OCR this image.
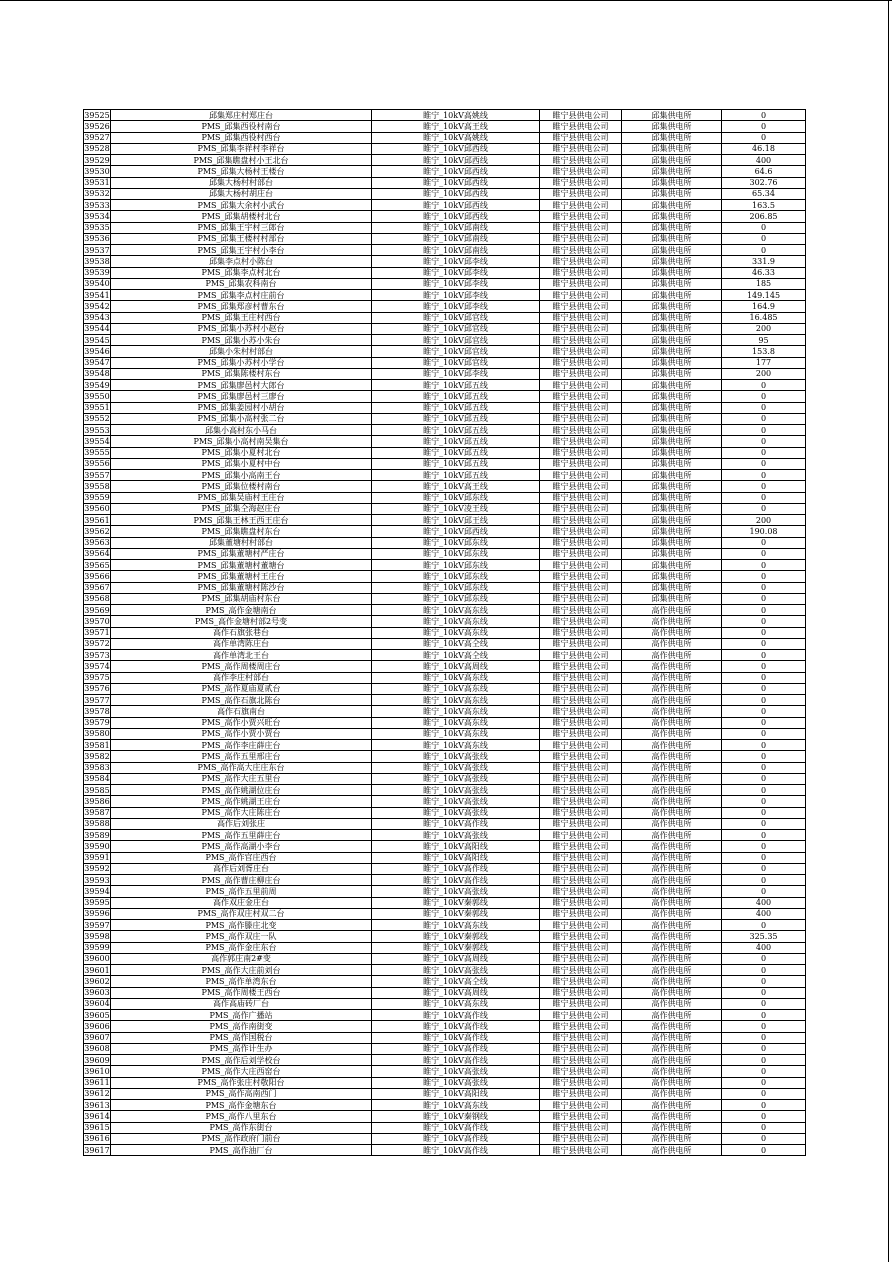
39525	邱集郑庄村郑庄台	睢宁_10kV高姚线	睢宁县供电公司	邱集供电所	0
39526	PMS_邱集西役村南台	睢宁_10kV高王线	睢宁县供电公司	邱集供电所	0
39527	PMS_邱集西役村西台	睢宁_10kV高姚线	睢宁县供电公司	邱集供电所	0
39528	PMS_邱集李祥村李祥台	睢宁_10kV邱西线	睢宁县供电公司	邱集供电所	46.18
39529	PMS_邱集瞧盘村小王北台	睢宁_10kV邱西线	睢宁县供电公司	邱集供电所	400
39530	PMS_邱集大杨村王楼台	睢宁_10kV邱西线	睢宁县供电公司	邱集供电所	64.6
39531	邱集大杨村村部台	睢宁_10kV邱西线	睢宁县供电公司	邱集供电所	302.76
39532	邱集大杨村胡庄台	睢宁_10kV邱西线	睢宁县供电公司	邱集供电所	65.34
39533	PMS_邱集大余村小武台	睢宁_10kV邱西线	睢宁县供电公司	邱集供电所	163.5
39534	PMS_邱集胡楼村北台	睢宁_10kV邱西线	睢宁县供电公司	邱集供电所	206.85
39535	PMS_邱集王宇村三郎台	睢宁_10kV邱南线	睢宁县供电公司	邱集供电所	0
39536	PMS_邱集王楼村村部台	睢宁_10kV邱南线	睢宁县供电公司	邱集供电所	0
39537	PMS_邱集王宇村小李台	睢宁_10kV邱南线	睢宁县供电公司	邱集供电所	0
39538	邱集李点村小陈台	睢宁_10kV邱李线	睢宁县供电公司	邱集供电所	331.9
39539	PMS_邱集李点村北台	睢宁_10kV邱李线	睢宁县供电公司	邱集供电所	46.33
39540	PMS_邱集农科南台	睢宁_10kV邱李线	睢宁县供电公司	邱集供电所	185
39541	PMS_邱集李点村庄前台	睢宁_10kV邱李线	睢宁县供电公司	邱集供电所	149.145
39542	PMS_邱集郑彦村曹东台	睢宁_10kV邱李线	睢宁县供电公司	邱集供电所	164.9
39543	PMS_邱集王庄村西台	睢宁_10kV邱官线	睢宁县供电公司	邱集供电所	16.485
39544	PMS_邱集小苏村小赵台	睢宁_10kV邱官线	睢宁县供电公司	邱集供电所	200
39545	PMS_邱集小苏小朱台	睢宁_10kV邱官线	睢宁县供电公司	邱集供电所	95
39546	邱集小朱村村部台	睢宁_10kV邱官线	睢宁县供电公司	邱集供电所	153.8
39547	PMS_邱集小苏村小学台	睢宁_10kV邱官线	睢宁县供电公司	邱集供电所	177
39548	PMS_邱集陈楼村东台	睢宁_10kV邱李线	睢宁县供电公司	邱集供电所	200
39549	PMS_邱集廖邑村大郎台	睢宁_10kV邱五线	睢宁县供电公司	邱集供电所	0
39550	PMS_邱集廖邑村三廖台	睢宁_10kV邱五线	睢宁县供电公司	邱集供电所	0
39551	PMS_邱集姜园村小胡台	睢宁_10kV邱五线	睢宁县供电公司	邱集供电所	0
39552	PMS_邱集小高村张二台	睢宁_10kV邱五线	睢宁县供电公司	邱集供电所	0
39553	邱集小高村东小马台	睢宁_10kV邱五线	睢宁县供电公司	邱集供电所	0
39554	PMS_邱集小高村南吴集台	睢宁_10kV邱五线	睢宁县供电公司	邱集供电所	0
39555	PMS_邱集小夏村北台	睢宁_10kV邱五线	睢宁县供电公司	邱集供电所	0
39556	PMS_邱集小夏村中台	睢宁_10kV邱五线	睢宁县供电公司	邱集供电所	0
39557	PMS_邱集小高南王台	睢宁_10kV邱五线	睢宁县供电公司	邱集供电所	0
39558	PMS_邱集位楼村南台	睢宁_10kV高王线	睢宁县供电公司	邱集供电所	0
39559	PMS_邱集吴庙村王庄台	睢宁_10kV邱东线	睢宁县供电公司	邱集供电所	0
39560	PMS_邱集仝海赵庄台	睢宁_10kV凌王线	睢宁县供电公司	邱集供电所	0
39561	PMS_邱集王林王西王庄台	睢宁_10kV邱王线	睢宁县供电公司	邱集供电所	200
39562	PMS_邱集瞧盘村东台	睢宁_10kV邱西线	睢宁县供电公司	邱集供电所	190.08
39563	邱集董塘村村部台	睢宁_10kV邱东线	睢宁县供电公司	邱集供电所	0
39564	PMS_邱集董塘村严庄台	睢宁_10kV邱东线	睢宁县供电公司	邱集供电所	0
39565	PMS_邱集董塘村董塘台	睢宁_10kV邱东线	睢宁县供电公司	邱集供电所	0
39566	PMS_邱集董塘村王庄台	睢宁_10kV邱东线	睢宁县供电公司	邱集供电所	0
39567	PMS_邱集董塘村陈沙台	睢宁_10kV邱东线	睢宁县供电公司	邱集供电所	0
39568	PMS_邱集胡庙村东台	睢宁_10kV邱东线	睢宁县供电公司	邱集供电所	0
39569	PMS_高作金塘南台	睢宁_10kV高东线	睢宁县供电公司	高作供电所	0
39570	PMS_高作金塘村部2号变	睢宁_10kV高东线	睢宁县供电公司	高作供电所	0
39571	高作石旗张巷台	睢宁_10kV高东线	睢宁县供电公司	高作供电所	0
39572	高作单湾陈庄台	睢宁_10kV高仝线	睢宁县供电公司	高作供电所	0
39573	高作单湾北王台	睢宁_10kV高仝线	睢宁县供电公司	高作供电所	0
39574	PMS_高作周楼周庄台	睢宁_10kV高周线	睢宁县供电公司	高作供电所	0
39575	高作李庄村部台	睢宁_10kV高东线	睢宁县供电公司	高作供电所	0
39576	PMS_高作夏庙夏贰台	睢宁_10kV高东线	睢宁县供电公司	高作供电所	0
39577	PMS_高作石旗北陈台	睢宁_10kV高东线	睢宁县供电公司	高作供电所	0
39578	高作石旗南台	睢宁_10kV高东线	睢宁县供电公司	高作供电所	0
39579	PMS_高作小贾兴旺台	睢宁_10kV高东线	睢宁县供电公司	高作供电所	0
39580	PMS_高作小贾小贾台	睢宁_10kV高东线	睢宁县供电公司	高作供电所	0
39581	PMS_高作李庄薛庄台	睢宁_10kV高东线	睢宁县供电公司	高作供电所	0
39582	PMS_高作五里邢庄台	睢宁_10kV高张线	睢宁县供电公司	高作供电所	0
39583	PMS_高作高大庄庄东台	睢宁_10kV高张线	睢宁县供电公司	高作供电所	0
39584	PMS_高作大庄五里台	睢宁_10kV高张线	睢宁县供电公司	高作供电所	0
39585	PMS_高作姚湖位庄台	睢宁_10kV高张线	睢宁县供电公司	高作供电所	0
39586	PMS_高作姚湖王庄台	睢宁_10kV高张线	睢宁县供电公司	高作供电所	0
39587	PMS_高作大庄陈庄台	睢宁_10kV高张线	睢宁县供电公司	高作供电所	0
39588	高作后刘张庄	睢宁_10kV高作线	睢宁县供电公司	高作供电所	0
39589	PMS_高作五里薛庄台	睢宁_10kV高张线	睢宁县供电公司	高作供电所	0
39590	PMS_高作高湖小李台	睢宁_10kV高阳线	睢宁县供电公司	高作供电所	0
39591	PMS_高作官庄西台	睢宁_10kV高阳线	睢宁县供电公司	高作供电所	0
39592	高作后刘胥庄台	睢宁_10kV高作线	睢宁县供电公司	高作供电所	0
39593	PMS_高作曹庄柳庄台	睢宁_10kV高作线	睢宁县供电公司	高作供电所	0
39594	PMS_高作五里前周	睢宁_10kV高张线	睢宁县供电公司	高作供电所	0
39595	高作双庄金庄台	睢宁_10kV秦郭线	睢宁县供电公司	高作供电所	400
39596	PMS_高作双庄村双二台	睢宁_10kV秦郭线	睢宁县供电公司	高作供电所	400
39597	PMS_高作滕庄北变	睢宁_10kV高东线	睢宁县供电公司	高作供电所	0
39598	PMS_高作双庄一队	睢宁_10kV秦郭线	睢宁县供电公司	高作供电所	325.35
39599	PMS_高作金庄东台	睢宁_10kV秦郭线	睢宁县供电公司	高作供电所	400
39600	高作郭庄南2#变	睢宁_10kV高周线	睢宁县供电公司	高作供电所	0
39601	PMS_高作大庄前刘台	睢宁_10kV高张线	睢宁县供电公司	高作供电所	0
39602	PMS_高作单湾东台	睢宁_10kV高仝线	睢宁县供电公司	高作供电所	0
39603	PMS_高作周楼王西台	睢宁_10kV高周线	睢宁县供电公司	高作供电所	0
39604	高作高庙砖厂台	睢宁_10kV高东线	睢宁县供电公司	高作供电所	0
39605	PMS_高作广播站	睢宁_10kV高作线	睢宁县供电公司	高作供电所	0
39606	PMS_高作南街变	睢宁_10kV高作线	睢宁县供电公司	高作供电所	0
39607	PMS_高作国税台	睢宁_10kV高作线	睢宁县供电公司	高作供电所	0
39608	PMS_高作计生办	睢宁_10kV高作线	睢宁县供电公司	高作供电所	0
39609	PMS_高作后刘学校台	睢宁_10kV高作线	睢宁县供电公司	高作供电所	0
39610	PMS_高作大庄西窑台	睢宁_10kV高张线	睢宁县供电公司	高作供电所	0
39611	PMS_高作张庄村敬阳台	睢宁_10kV高张线	睢宁县供电公司	高作供电所	0
39612	PMS_高作高南西门	睢宁_10kV高阳线	睢宁县供电公司	高作供电所	0
39613	PMS_高作金塘东台	睢宁_10kV高东线	睢宁县供电公司	高作供电所	0
39614	PMS_高作八里东台	睢宁_10kV秦钢线	睢宁县供电公司	高作供电所	0
39615	PMS_高作东街台	睢宁_10kV高作线	睢宁县供电公司	高作供电所	0
39616	PMS_高作政府门前台	睢宁_10kV高作线	睢宁县供电公司	高作供电所	0
39617	PMS_高作油厂台	睢宁_10kV高作线	睢宁县供电公司	高作供电所	0
